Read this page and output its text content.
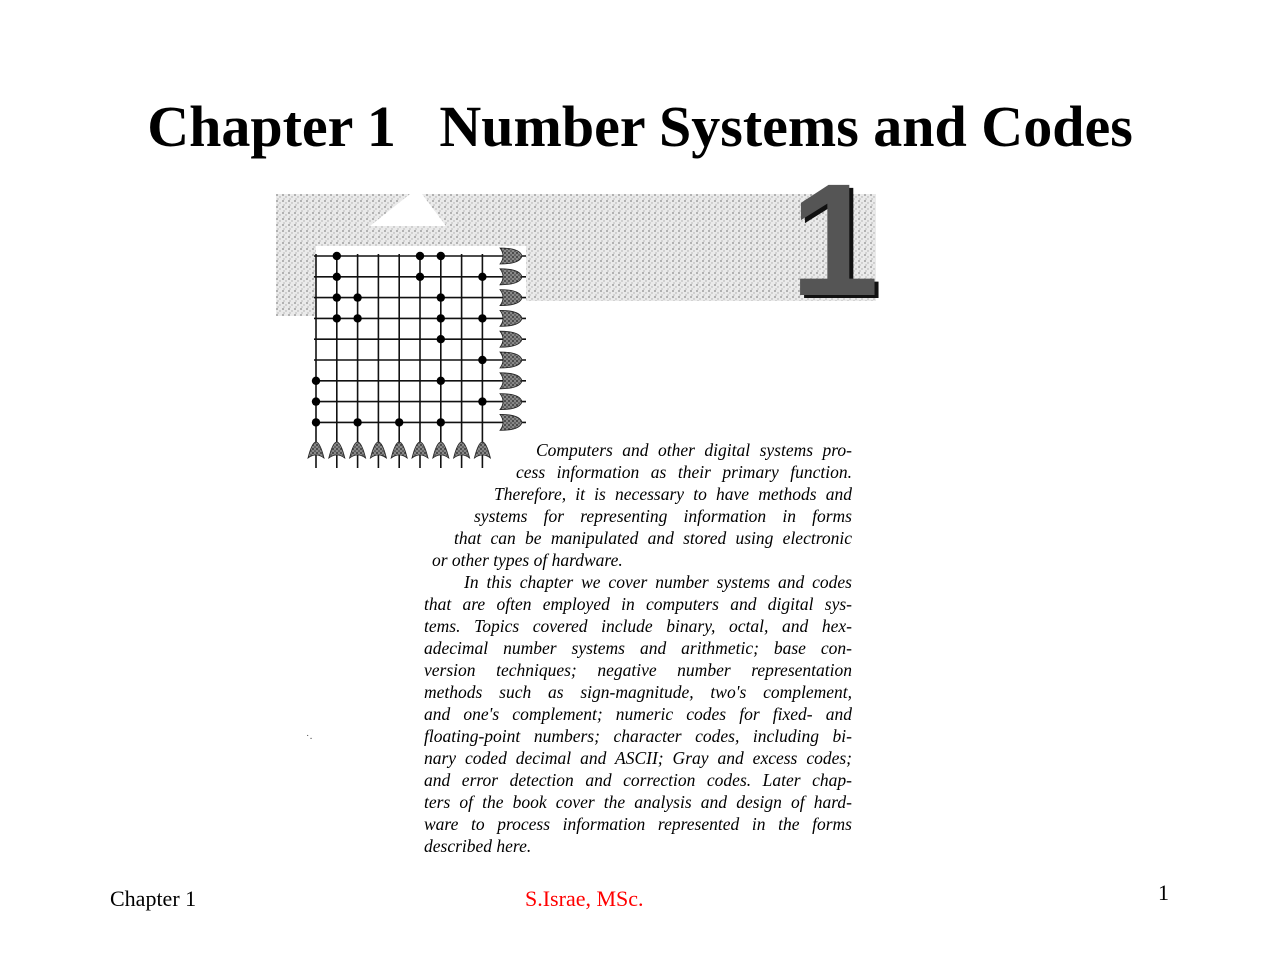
Chapter 1   Number Systems and Codes
1
Computers and other digital systems pro-
cess information as their primary function.
Therefore, it is necessary to have methods and
systems for representing information in forms
that can be manipulated and stored using electronic
or other types of hardware.
In this chapter we cover number systems and codes
that are often employed in computers and digital sys-
tems. Topics covered include binary, octal, and hex-
adecimal number systems and arithmetic; base con-
version techniques; negative number representation
methods such as sign-magnitude, two's complement,
and one's complement; numeric codes for fixed- and
floating-point numbers; character codes, including bi-
nary coded decimal and ASCII; Gray and excess codes;
and error detection and correction codes. Later chap-
ters of the book cover the analysis and design of hard-
ware to process information represented in the forms
described here.
˙·
Chapter 1	S.Israe, MSc.	1
